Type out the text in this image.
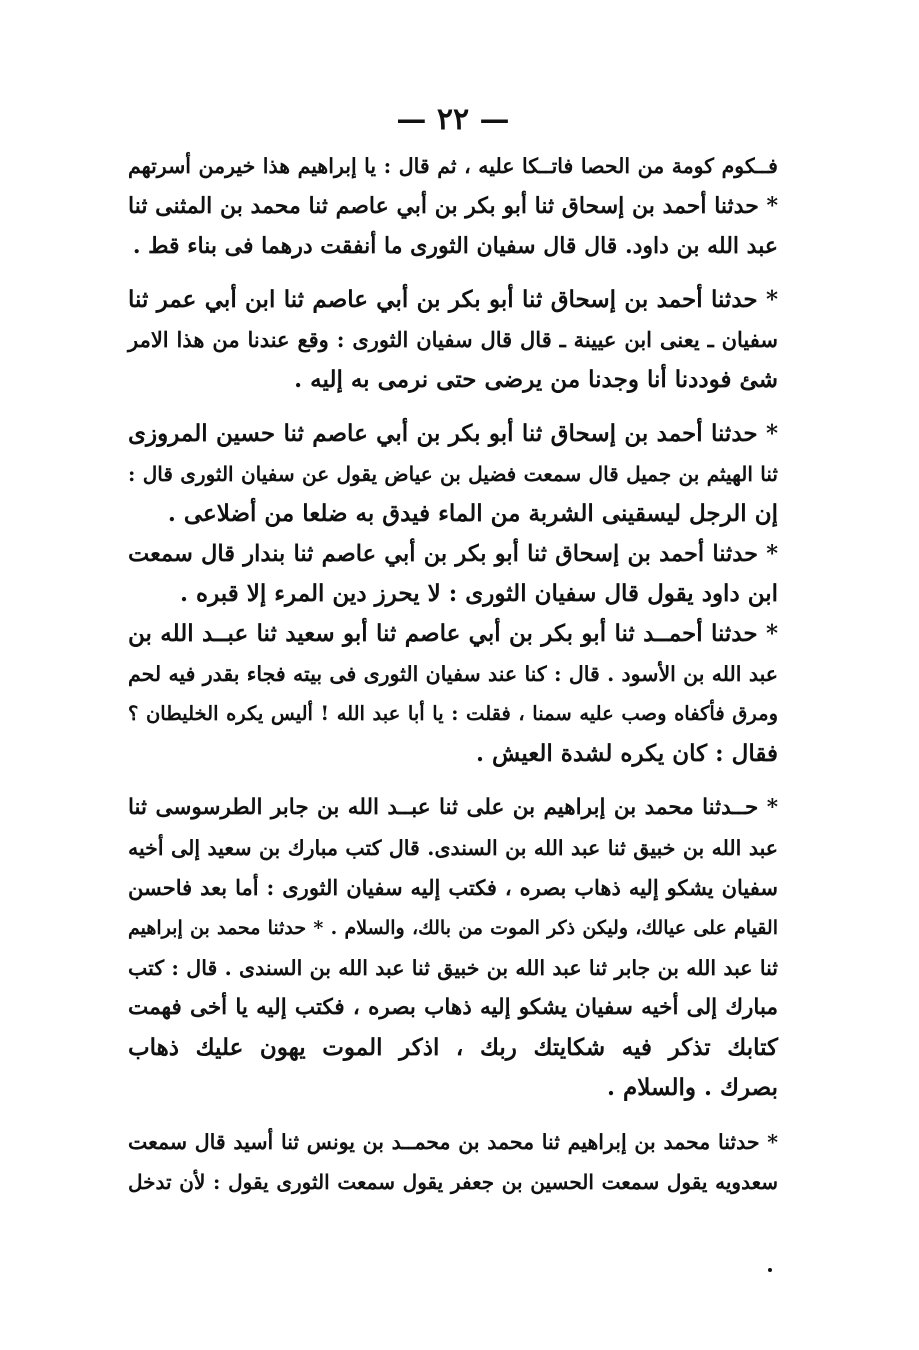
— ٢٢ —
فــكوم كومة من الحصا فاتــكا عليه ، ثم قال : يا إبراهيم هذا خيرمن أسرتهم
* حدثنا أحمد بن إسحاق ثنا أبو بكر بن أبي عاصم ثنا محمد بن المثنى ثنا
عبد الله بن داود. قال قال سفيان الثورى ما أنفقت درهما فى بناء قط .
* حدثنا أحمد بن إسحاق ثنا أبو بكر بن أبي عاصم ثنا ابن أبي عمر ثنا
سفيان ـ يعنى ابن عيينة ـ قال قال سفيان الثورى : وقع عندنا من هذا الامر
شئ فوددنا أنا وجدنا من يرضى حتى نرمى به إليه .
* حدثنا أحمد بن إسحاق ثنا أبو بكر بن أبي عاصم ثنا حسين المروزى
ثنا الهيثم بن جميل قال سمعت فضيل بن عياض يقول عن سفيان الثورى قال :
إن الرجل ليسقينى الشربة من الماء فيدق به ضلعا من أضلاعى .
* حدثنا أحمد بن إسحاق ثنا أبو بكر بن أبي عاصم ثنا بندار قال سمعت
ابن داود يقول قال سفيان الثورى : لا يحرز دين المرء إلا قبره .
* حدثنا أحمــد ثنا أبو بكر بن أبي عاصم ثنا أبو سعيد ثنا عبــد الله بن
عبد الله بن الأسود . قال : كنا عند سفيان الثورى فى بيته فجاء بقدر فيه لحم
ومرق فأكفاه وصب عليه سمنا ، فقلت : يا أبا عبد الله ! أليس يكره الخليطان ؟
فقال : كان يكره لشدة العيش .
* حــدثنا محمد بن إبراهيم بن على ثنا عبــد الله بن جابر الطرسوسى ثنا
عبد الله بن خبيق ثنا عبد الله بن السندى. قال كتب مبارك بن سعيد إلى أخيه
سفيان يشكو إليه ذهاب بصره ، فكتب إليه سفيان الثورى : أما بعد فاحسن
القيام على عيالك، وليكن ذكر الموت من بالك، والسلام . * حدثنا محمد بن إبراهيم
ثنا عبد الله بن جابر ثنا عبد الله بن خبيق ثنا عبد الله بن السندى . قال : كتب
مبارك إلى أخيه سفيان يشكو إليه ذهاب بصره ، فكتب إليه يا أخى فهمت
كتابك تذكر فيه شكايتك ربك ، اذكر الموت يهون عليك ذهاب
بصرك . والسلام .
* حدثنا محمد بن إبراهيم ثنا محمد بن محمــد بن يونس ثنا أسيد قال سمعت
سعدويه يقول سمعت الحسين بن جعفر يقول سمعت الثورى يقول : لأن تدخل
